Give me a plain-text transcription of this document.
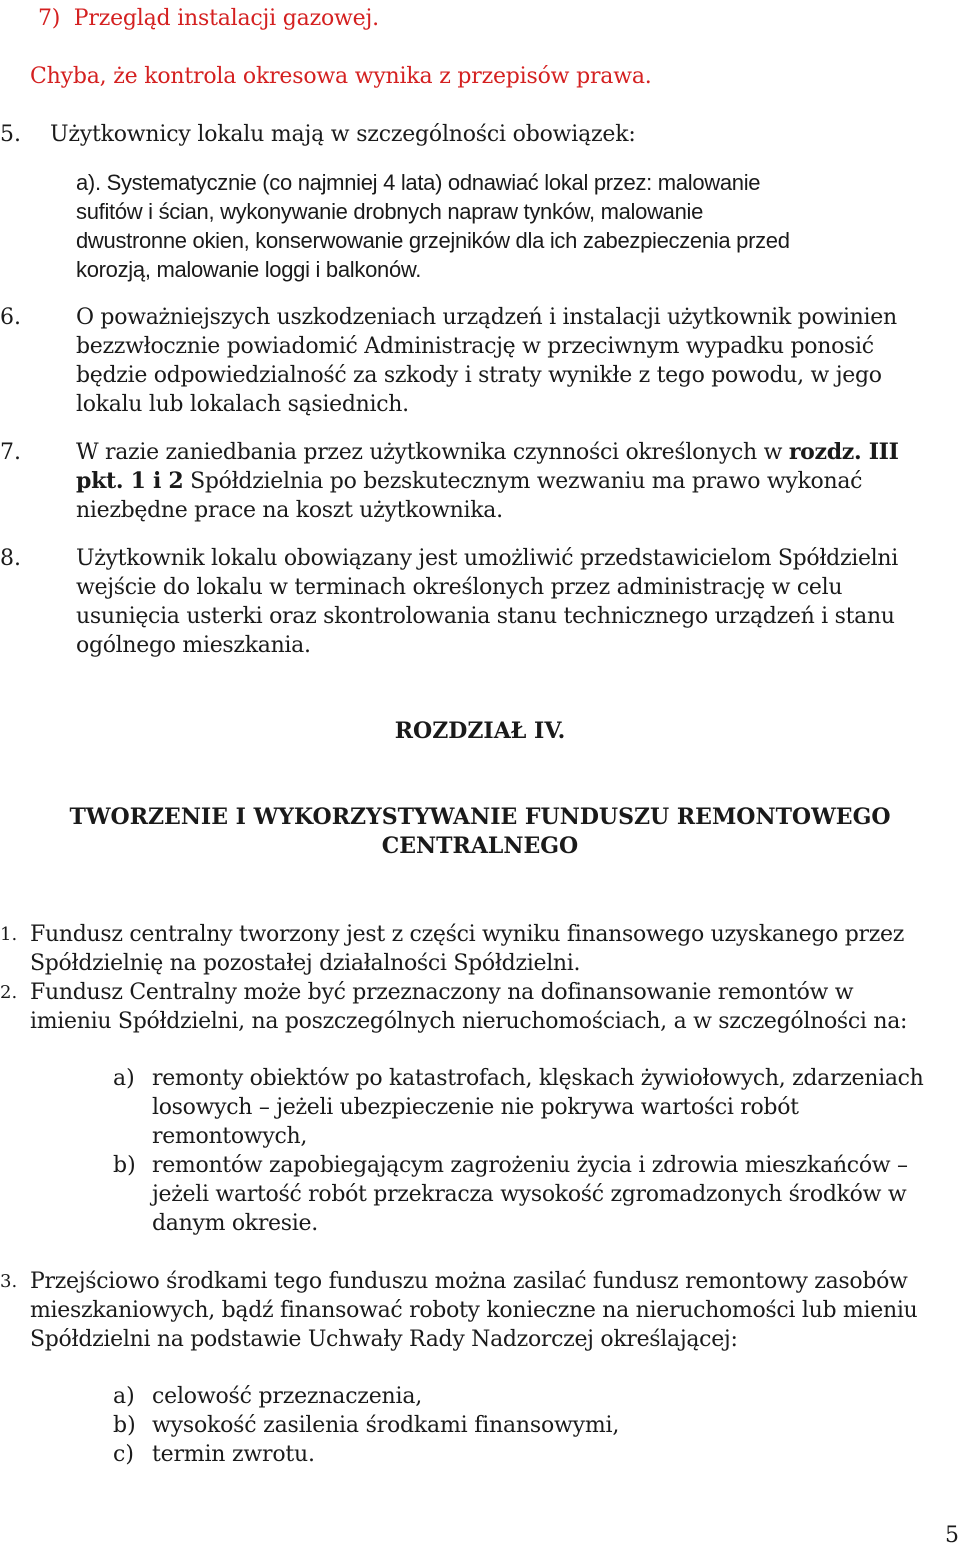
7) Przegląd instalacji gazowej.
Chyba, że kontrola okresowa wynika z przepisów prawa.
5. Użytkownicy lokalu mają w szczególności obowiązek:
a). Systematycznie (co najmniej 4 lata) odnawiać lokal przez: malowanie
sufitów i ścian, wykonywanie drobnych napraw tynków, malowanie
dwustronne okien, konserwowanie grzejników dla ich zabezpieczenia przed
korozją, malowanie loggi i balkonów.
6.	O poważniejszych uszkodzeniach urządzeń i instalacji użytkownik powinien
bezzwłocznie powiadomić Administrację w przeciwnym wypadku ponosić
będzie odpowiedzialność za szkody i straty wynikłe z tego powodu, w jego
lokalu lub lokalach sąsiednich.
7.	W razie zaniedbania przez użytkownika czynności określonych w rozdz. III
pkt. 1 i 2 Spółdzielnia po bezskutecznym wezwaniu ma prawo wykonać
niezbędne prace na koszt użytkownika.
8.	Użytkownik lokalu obowiązany jest umożliwić przedstawicielom Spółdzielni
wejście do lokalu w terminach określonych przez administrację w celu
usunięcia usterki oraz skontrolowania stanu technicznego urządzeń i stanu
ogólnego mieszkania.
ROZDZIAŁ IV.
TWORZENIE I WYKORZYSTYWANIE FUNDUSZU REMONTOWEGO
CENTRALNEGO
1. Fundusz centralny tworzony jest z części wyniku finansowego uzyskanego przez
Spółdzielnię na pozostałej działalności Spółdzielni.
2. Fundusz Centralny może być przeznaczony na dofinansowanie remontów w
imieniu Spółdzielni, na poszczególnych nieruchomościach, a w szczególności na:
a) remonty obiektów po katastrofach, klęskach żywiołowych, zdarzeniach
losowych – jeżeli ubezpieczenie nie pokrywa wartości robót
remontowych,
b) remontów zapobiegającym zagrożeniu życia i zdrowia mieszkańców –
jeżeli wartość robót przekracza wysokość zgromadzonych środków w
danym okresie.
3. Przejściowo środkami tego funduszu można zasilać fundusz remontowy zasobów
mieszkaniowych, bądź finansować roboty konieczne na nieruchomości lub mieniu
Spółdzielni na podstawie Uchwały Rady Nadzorczej określającej:
a) celowość przeznaczenia,
b) wysokość zasilenia środkami finansowymi,
c) termin zwrotu.
5
